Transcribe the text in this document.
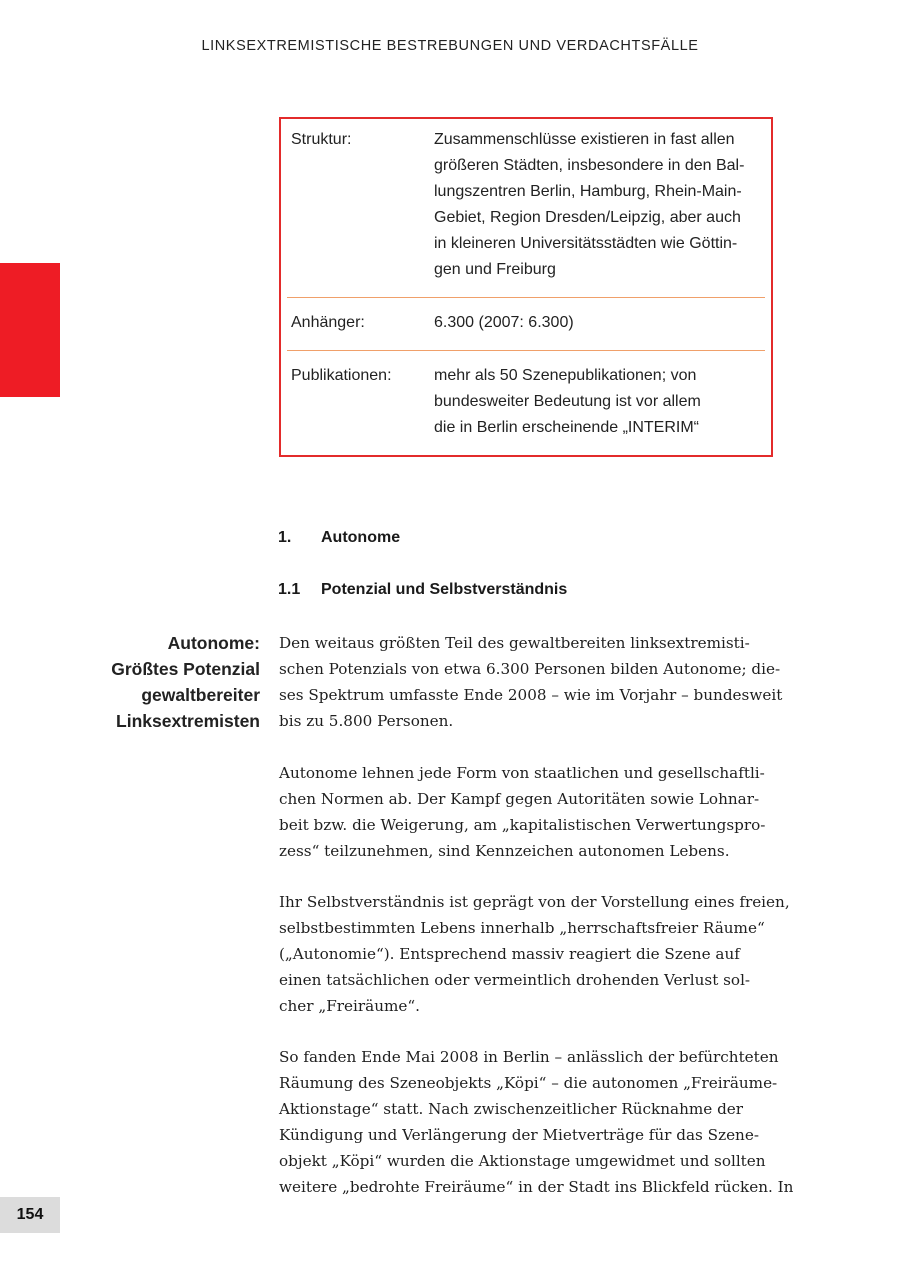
LINKSEXTREMISTISCHE BESTREBUNGEN UND VERDACHTSFÄLLE
Struktur:	Zusammenschlüsse existieren in fast allen
größeren Städten, insbesondere in den Bal-
lungszentren Berlin, Hamburg, Rhein-Main-
Gebiet, Region Dresden/Leipzig, aber auch
in kleineren Universitätsstädten wie Göttin-
gen und Freiburg
Anhänger:	6.300 (2007: 6.300)
Publikationen:	mehr als 50 Szenepublikationen; von
bundesweiter Bedeutung ist vor allem
die in Berlin erscheinende „INTERIM“
1. Autonome
1.1 Potenzial und Selbstverständnis
Autonome:
Größtes Potenzial
gewaltbereiter
Linksextremisten
Den weitaus größten Teil des gewaltbereiten linksextremisti-
schen Potenzials von etwa 6.300 Personen bilden Autonome; die-
ses Spektrum umfasste Ende 2008 – wie im Vorjahr – bundesweit
bis zu 5.800 Personen.
Autonome lehnen jede Form von staatlichen und gesellschaftli-
chen Normen ab. Der Kampf gegen Autoritäten sowie Lohnar-
beit bzw. die Weigerung, am „kapitalistischen Verwertungspro-
zess“ teilzunehmen, sind Kennzeichen autonomen Lebens.
Ihr Selbstverständnis ist geprägt von der Vorstellung eines freien,
selbstbestimmten Lebens innerhalb „herrschaftsfreier Räume“
(„Autonomie“). Entsprechend massiv reagiert die Szene auf
einen tatsächlichen oder vermeintlich drohenden Verlust sol-
cher „Freiräume“.
So fanden Ende Mai 2008 in Berlin – anlässlich der befürchteten
Räumung des Szeneobjekts „Köpi“ – die autonomen „Freiräume-
Aktionstage“ statt. Nach zwischenzeitlicher Rücknahme der
Kündigung und Verlängerung der Mietverträge für das Szene-
objekt „Köpi“ wurden die Aktionstage umgewidmet und sollten
weitere „bedrohte Freiräume“ in der Stadt ins Blickfeld rücken. In
154
